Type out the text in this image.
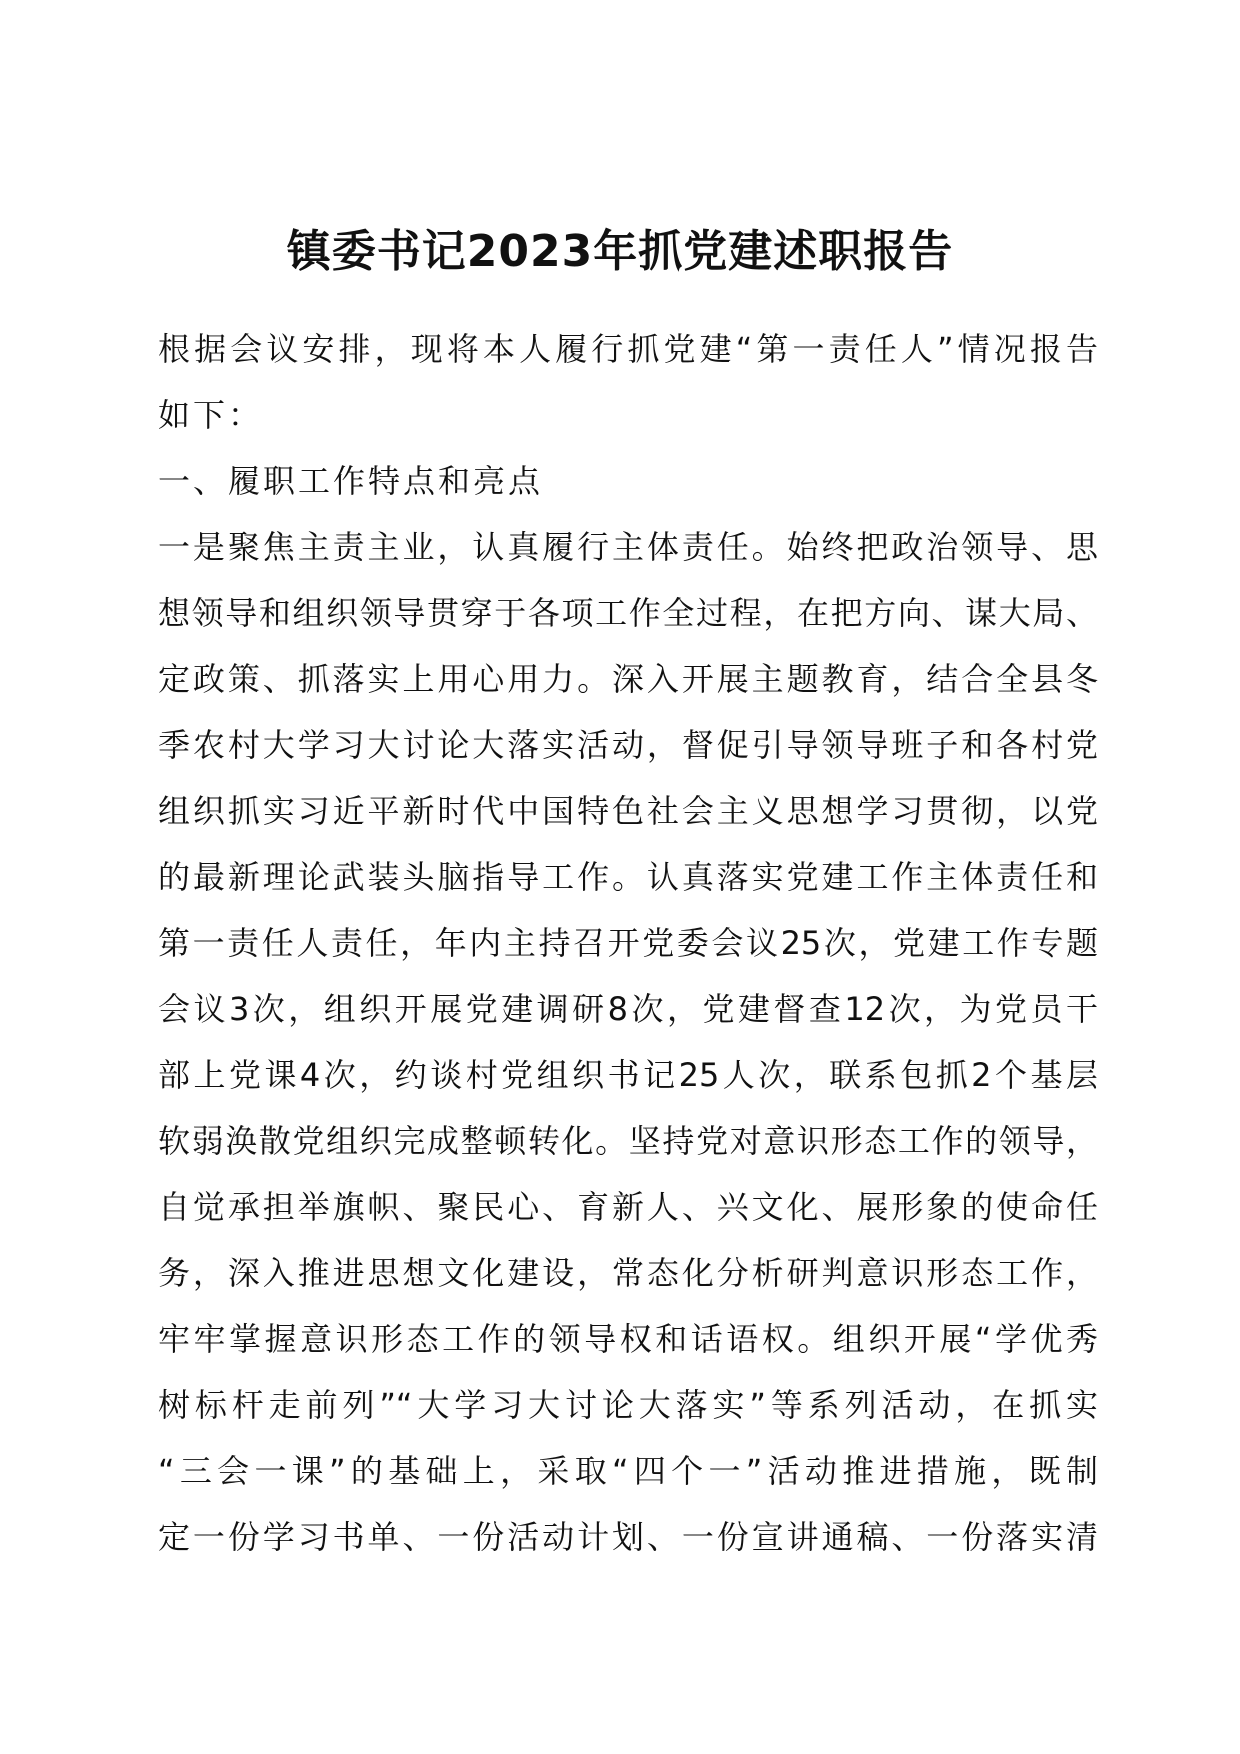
镇委书记2023年抓党建述职报告
根据会议安排，现将本人履行抓党建“第一责任人”情况报告
如下：
一、履职工作特点和亮点
一是聚焦主责主业，认真履行主体责任。始终把政治领导、思
想领导和组织领导贯穿于各项工作全过程，在把方向、谋大局、
定政策、抓落实上用心用力。深入开展主题教育，结合全县冬
季农村大学习大讨论大落实活动，督促引导领导班子和各村党
组织抓实习近平新时代中国特色社会主义思想学习贯彻，以党
的最新理论武装头脑指导工作。认真落实党建工作主体责任和
第一责任人责任，年内主持召开党委会议25次，党建工作专题
会议3次，组织开展党建调研8次，党建督查12次，为党员干
部上党课4次，约谈村党组织书记25人次，联系包抓2个基层
软弱涣散党组织完成整顿转化。坚持党对意识形态工作的领导，
自觉承担举旗帜、聚民心、育新人、兴文化、展形象的使命任
务，深入推进思想文化建设，常态化分析研判意识形态工作，
牢牢掌握意识形态工作的领导权和话语权。组织开展“学优秀
树标杆走前列”“大学习大讨论大落实”等系列活动，在抓实
“三会一课”的基础上，采取“四个一”活动推进措施，既制
定一份学习书单、一份活动计划、一份宣讲通稿、一份落实清
